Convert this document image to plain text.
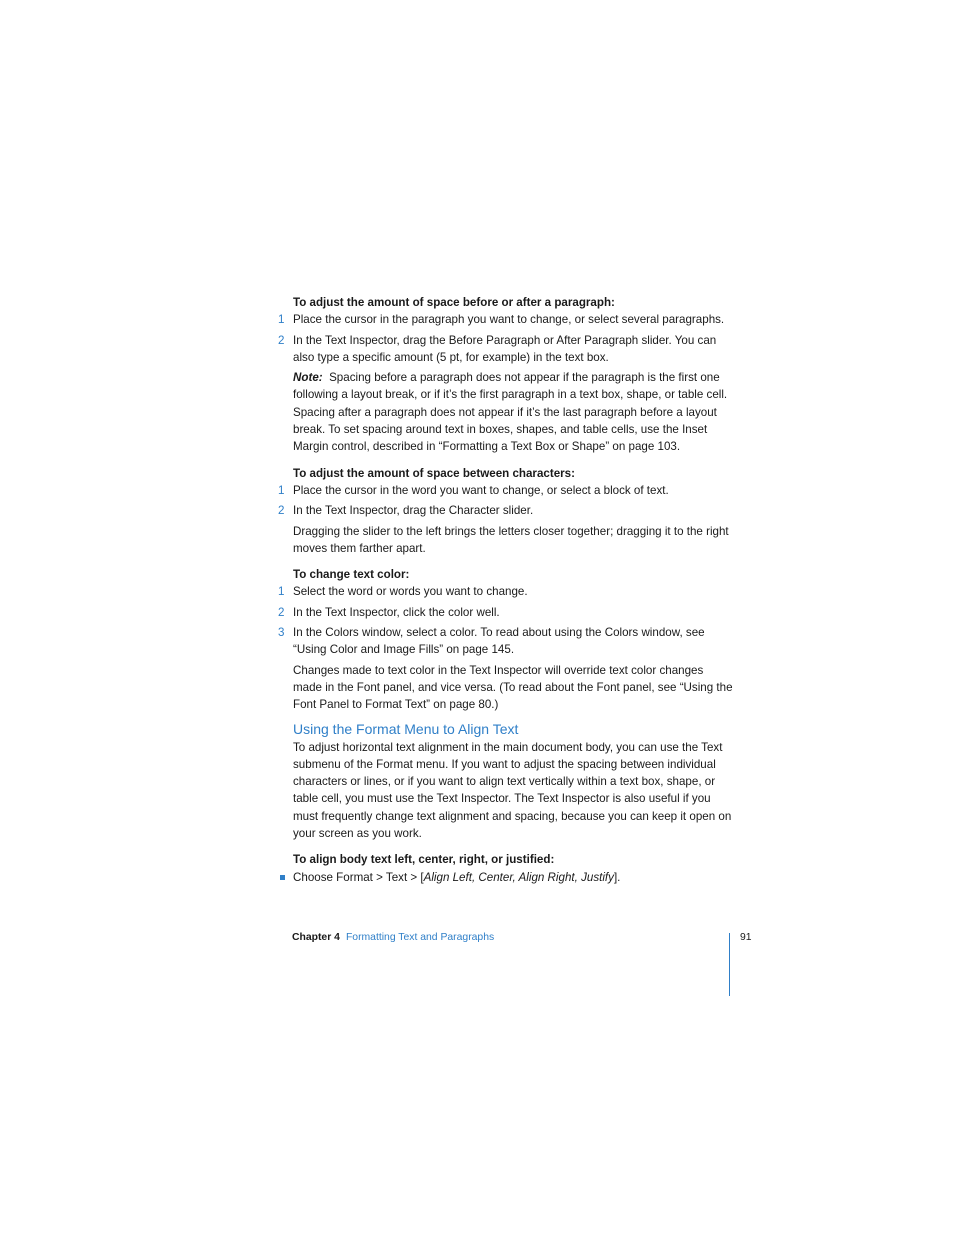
To adjust the amount of space before or after a paragraph:
1 Place the cursor in the paragraph you want to change, or select several paragraphs.
2 In the Text Inspector, drag the Before Paragraph or After Paragraph slider. You can also type a specific amount (5 pt, for example) in the text box.
Note: Spacing before a paragraph does not appear if the paragraph is the first one following a layout break, or if it’s the first paragraph in a text box, shape, or table cell. Spacing after a paragraph does not appear if it’s the last paragraph before a layout break. To set spacing around text in boxes, shapes, and table cells, use the Inset Margin control, described in “Formatting a Text Box or Shape” on page 103.
To adjust the amount of space between characters:
1 Place the cursor in the word you want to change, or select a block of text.
2 In the Text Inspector, drag the Character slider.
Dragging the slider to the left brings the letters closer together; dragging it to the right moves them farther apart.
To change text color:
1 Select the word or words you want to change.
2 In the Text Inspector, click the color well.
3 In the Colors window, select a color. To read about using the Colors window, see “Using Color and Image Fills” on page 145.
Changes made to text color in the Text Inspector will override text color changes made in the Font panel, and vice versa. (To read about the Font panel, see “Using the Font Panel to Format Text” on page 80.)
Using the Format Menu to Align Text
To adjust horizontal text alignment in the main document body, you can use the Text submenu of the Format menu. If you want to adjust the spacing between individual characters or lines, or if you want to align text vertically within a text box, shape, or table cell, you must use the Text Inspector. The Text Inspector is also useful if you must frequently change text alignment and spacing, because you can keep it open on your screen as you work.
To align body text left, center, right, or justified:
Choose Format > Text > [Align Left, Center, Align Right, Justify].
Chapter 4 Formatting Text and Paragraphs	91
